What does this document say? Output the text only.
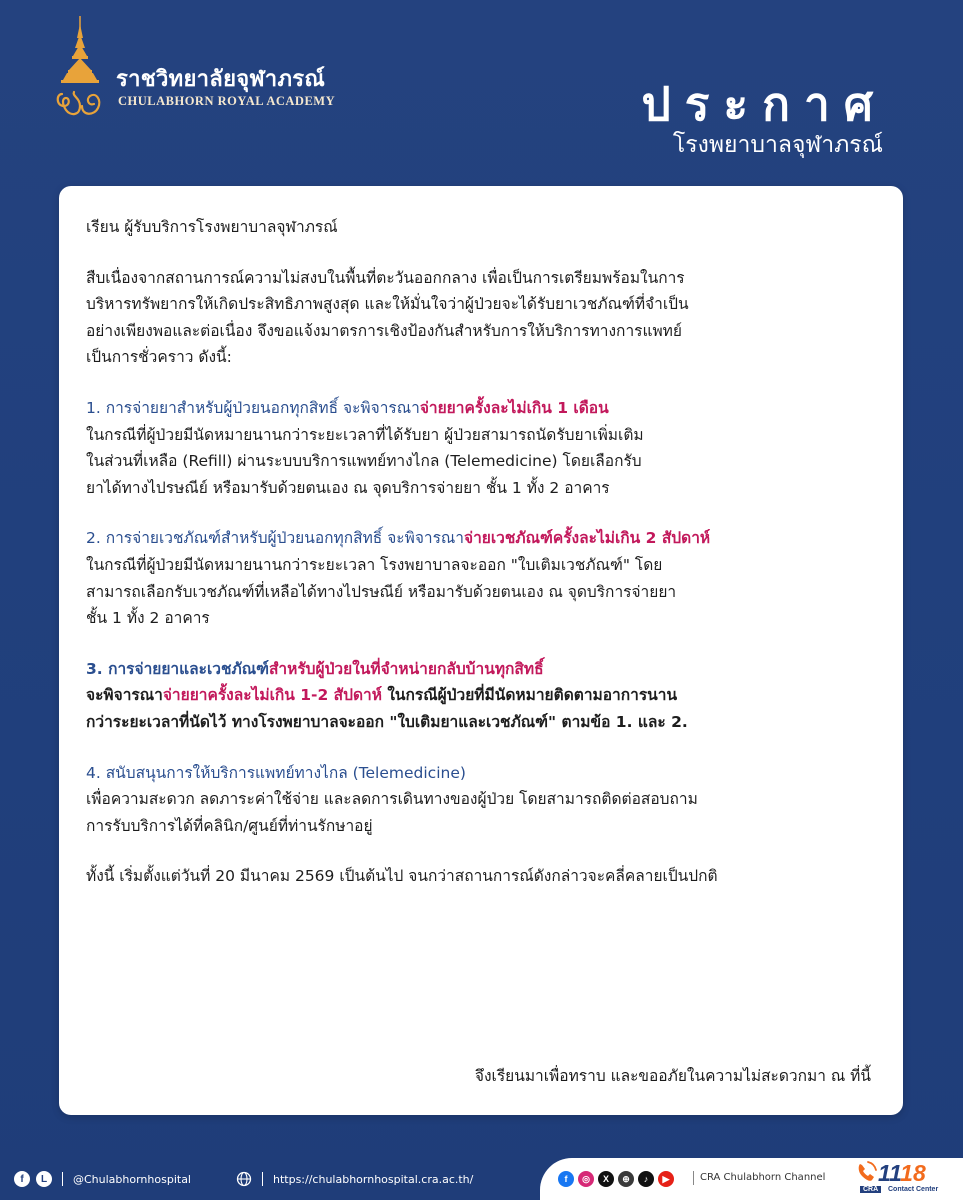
ราชวิทยาลัยจุฬาภรณ์
CHULABHORN ROYAL ACADEMY	ประกาศ
โรงพยาบาลจุฬาภรณ์
เรียน ผู้รับบริการโรงพยาบาลจุฬาภรณ์
สืบเนื่องจากสถานการณ์ความไม่สงบในพื้นที่ตะวันออกกลาง เพื่อเป็นการเตรียมพร้อมในการ
บริหารทรัพยากรให้เกิดประสิทธิภาพสูงสุด และให้มั่นใจว่าผู้ป่วยจะได้รับยาเวชภัณฑ์ที่จำเป็น
อย่างเพียงพอและต่อเนื่อง จึงขอแจ้งมาตรการเชิงป้องกันสำหรับการให้บริการทางการแพทย์
เป็นการชั่วคราว ดังนี้:
1. การจ่ายยาสำหรับผู้ป่วยนอกทุกสิทธิ์ จะพิจารณาจ่ายยาครั้งละไม่เกิน 1 เดือน
ในกรณีที่ผู้ป่วยมีนัดหมายนานกว่าระยะเวลาที่ได้รับยา ผู้ป่วยสามารถนัดรับยาเพิ่มเติม
ในส่วนที่เหลือ (Refill) ผ่านระบบบริการแพทย์ทางไกล (Telemedicine) โดยเลือกรับ
ยาได้ทางไปรษณีย์ หรือมารับด้วยตนเอง ณ จุดบริการจ่ายยา ชั้น 1 ทั้ง 2 อาคาร
2. การจ่ายเวชภัณฑ์สำหรับผู้ป่วยนอกทุกสิทธิ์ จะพิจารณาจ่ายเวชภัณฑ์ครั้งละไม่เกิน 2 สัปดาห์
ในกรณีที่ผู้ป่วยมีนัดหมายนานกว่าระยะเวลา โรงพยาบาลจะออก "ใบเติมเวชภัณฑ์" โดย
สามารถเลือกรับเวชภัณฑ์ที่เหลือได้ทางไปรษณีย์ หรือมารับด้วยตนเอง ณ จุดบริการจ่ายยา
ชั้น 1 ทั้ง 2 อาคาร
3. การจ่ายยาและเวชภัณฑ์สำหรับผู้ป่วยในที่จำหน่ายกลับบ้านทุกสิทธิ์
จะพิจารณาจ่ายยาครั้งละไม่เกิน 1-2 สัปดาห์ ในกรณีผู้ป่วยที่มีนัดหมายติดตามอาการนาน
กว่าระยะเวลาที่นัดไว้ ทางโรงพยาบาลจะออก "ใบเติมยาและเวชภัณฑ์" ตามข้อ 1. และ 2.
4. สนับสนุนการให้บริการแพทย์ทางไกล (Telemedicine)
เพื่อความสะดวก ลดภาระค่าใช้จ่าย และลดการเดินทางของผู้ป่วย โดยสามารถติดต่อสอบถาม
การรับบริการได้ที่คลินิก/ศูนย์ที่ท่านรักษาอยู่
ทั้งนี้ เริ่มตั้งแต่วันที่ 20 มีนาคม 2569 เป็นต้นไป จนกว่าสถานการณ์ดังกล่าวจะคลี่คลายเป็นปกติ
จึงเรียนมาเพื่อทราบ และขออภัยในความไม่สะดวกมา ณ ที่นี้
f	L	@Chulabhornhospital	https://chulabhornhospital.cra.ac.th/	f	◎	X	⊕	♪	▶	CRA Chulabhorn Channel 1118
CRA	Contact Center
